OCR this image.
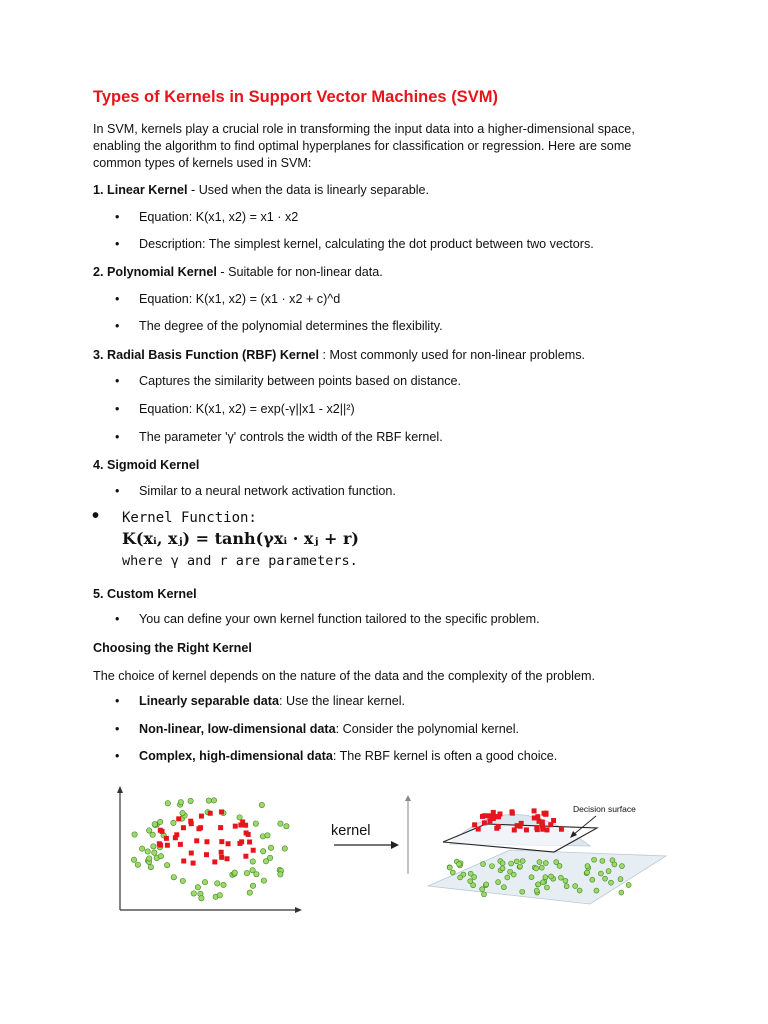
Types of Kernels in Support Vector Machines (SVM)
In SVM, kernels play a crucial role in transforming the input data into a higher-dimensional space,
enabling the algorithm to find optimal hyperplanes for classification or regression. Here are some
common types of kernels used in SVM:
1. Linear Kernel - Used when the data is linearly separable.
• Equation: K(x1, x2) = x1 · x2
• Description: The simplest kernel, calculating the dot product between two vectors.
2. Polynomial Kernel - Suitable for non-linear data.
• Equation: K(x1, x2) = (x1 · x2 + c)^d
• The degree of the polynomial determines the flexibility.
3. Radial Basis Function (RBF) Kernel : Most commonly used for non-linear problems.
• Captures the similarity between points based on distance.
• Equation: K(x1, x2) = exp(-γ||x1 - x2||²)
• The parameter 'γ' controls the width of the RBF kernel.
4. Sigmoid Kernel
• Similar to a neural network activation function.
• Kernel Function:
K(xᵢ, xⱼ) = tanh(γxᵢ · xⱼ + r)
where γ and r are parameters.
5. Custom Kernel
• You can define your own kernel function tailored to the specific problem.
Choosing the Right Kernel
The choice of kernel depends on the nature of the data and the complexity of the problem.
• Linearly separable data: Use the linear kernel.
• Non-linear, low-dimensional data: Consider the polynomial kernel.
• Complex, high-dimensional data: The RBF kernel is often a good choice.
kernel
Decision surface
